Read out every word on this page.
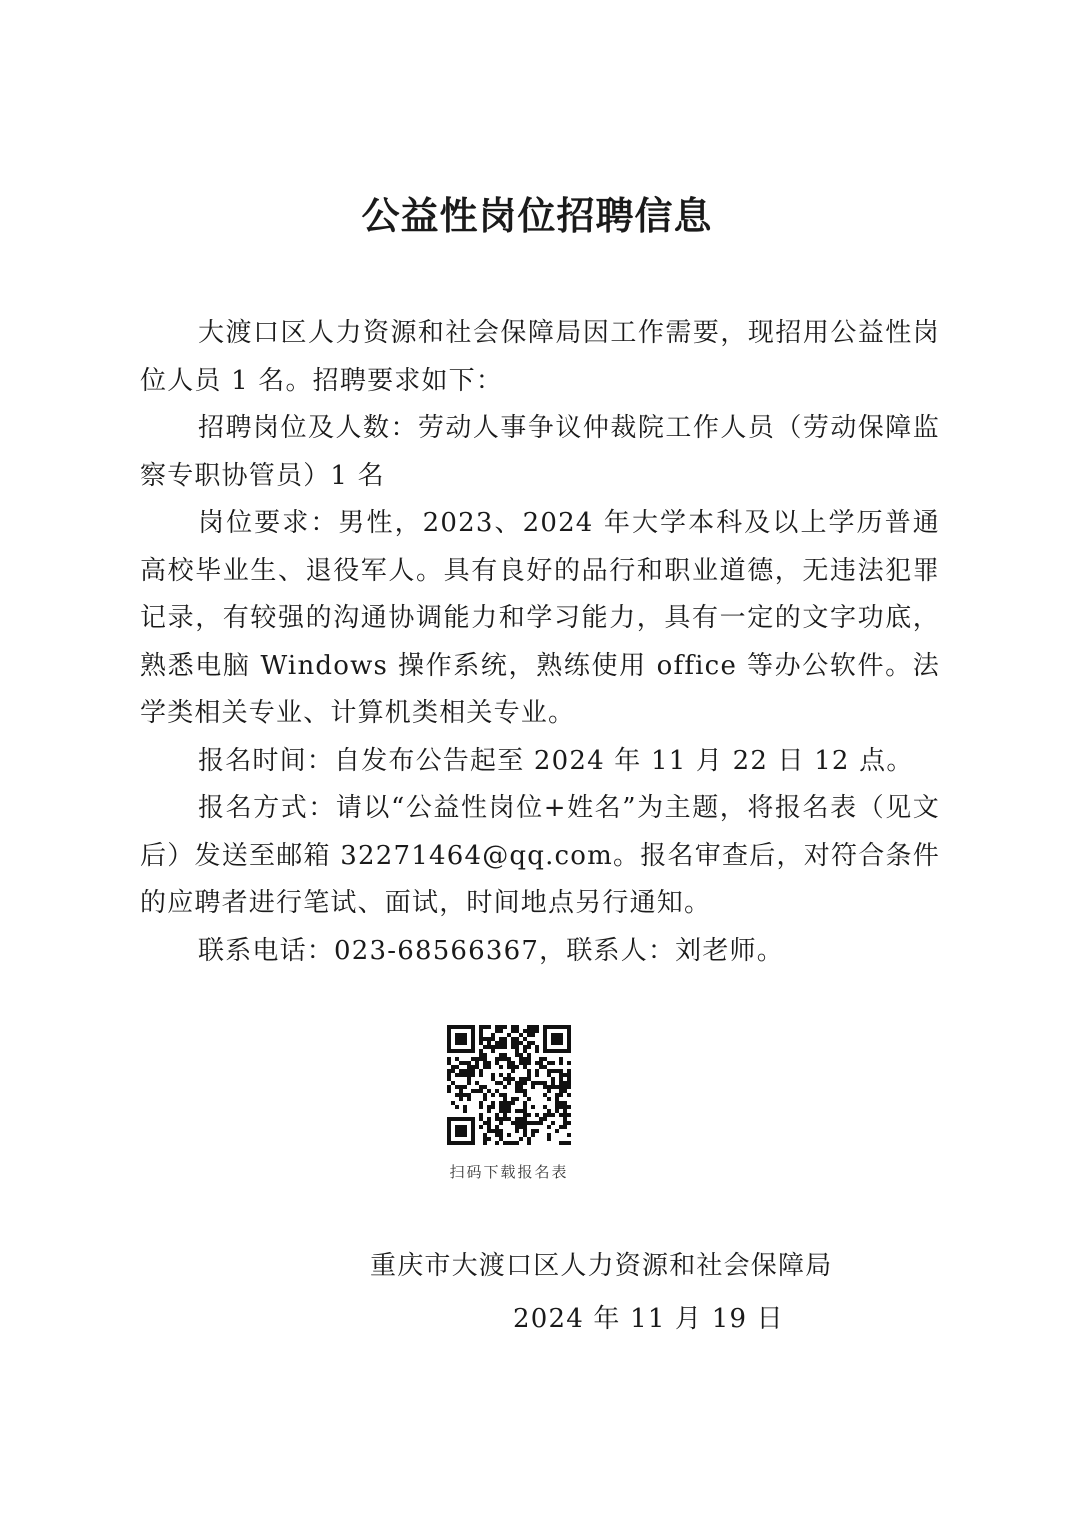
公益性岗位招聘信息

大渡口区人力资源和社会保障局因工作需要，现招用公益性岗位人员 1 名。招聘要求如下：

招聘岗位及人数：劳动人事争议仲裁院工作人员（劳动保障监察专职协管员）1 名

岗位要求：男性，2023、2024 年大学本科及以上学历普通高校毕业生、退役军人。具有良好的品行和职业道德，无违法犯罪记录，有较强的沟通协调能力和学习能力，具有一定的文字功底，熟悉电脑 Windows 操作系统，熟练使用 office 等办公软件。法学类相关专业、计算机类相关专业。

报名时间：自发布公告起至 2024 年 11 月 22 日 12 点。

报名方式：请以“公益性岗位+姓名”为主题，将报名表（见文后）发送至邮箱 32271464@qq.com。报名审查后，对符合条件的应聘者进行笔试、面试，时间地点另行通知。

联系电话：023-68566367，联系人：刘老师。

扫码下载报名表
重庆市大渡口区人力资源和社会保障局
2024 年 11 月 19 日
